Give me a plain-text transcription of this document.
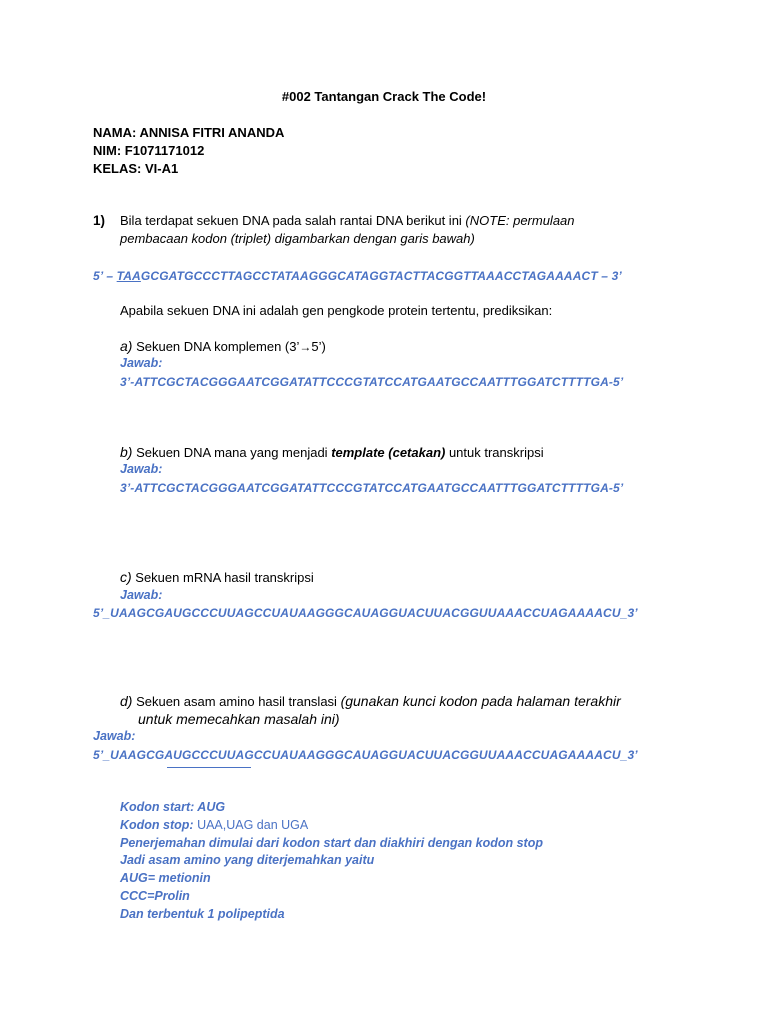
#002 Tantangan Crack The Code!
NAMA: ANNISA FITRI ANANDA
NIM: F1071171012
KELAS: VI-A1
1) Bila terdapat sekuen DNA pada salah rantai DNA berikut ini (NOTE: permulaan
pembacaan kodon (triplet) digambarkan dengan garis bawah)
5’ – TAAGCGATGCCCTTAGCCTATAAGGGCATAGGTACTTACGGTTAAACCTAGAAAACT – 3’
Apabila sekuen DNA ini adalah gen pengkode protein tertentu, prediksikan:
a) Sekuen DNA komplemen (3’→5’)
Jawab:
3’-ATTCGCTACGGGAATCGGATATTCCCGTATCCATGAATGCCAATTTGGATCTTTTGA-5’
b) Sekuen DNA mana yang menjadi template (cetakan) untuk transkripsi
Jawab:
3’-ATTCGCTACGGGAATCGGATATTCCCGTATCCATGAATGCCAATTTGGATCTTTTGA-5’
c) Sekuen mRNA hasil transkripsi
Jawab:
5’_UAAGCGAUGCCCUUAGCCUAUAAGGGCAUAGGUACUUACGGUUAAACCUAGAAAACU_3’
d) Sekuen asam amino hasil translasi (gunakan kunci kodon pada halaman terakhir
untuk memecahkan masalah ini)
Jawab:
5’_UAAGCGAUGCCCUUAGCCUAUAAGGGCAUAGGUACUUACGGUUAAACCUAGAAAACU_3’
Kodon start: AUG
Kodon stop: UAA,UAG dan UGA
Penerjemahan dimulai dari kodon start dan diakhiri dengan kodon stop
Jadi asam amino yang diterjemahkan yaitu
AUG= metionin
CCC=Prolin
Dan terbentuk 1 polipeptida
